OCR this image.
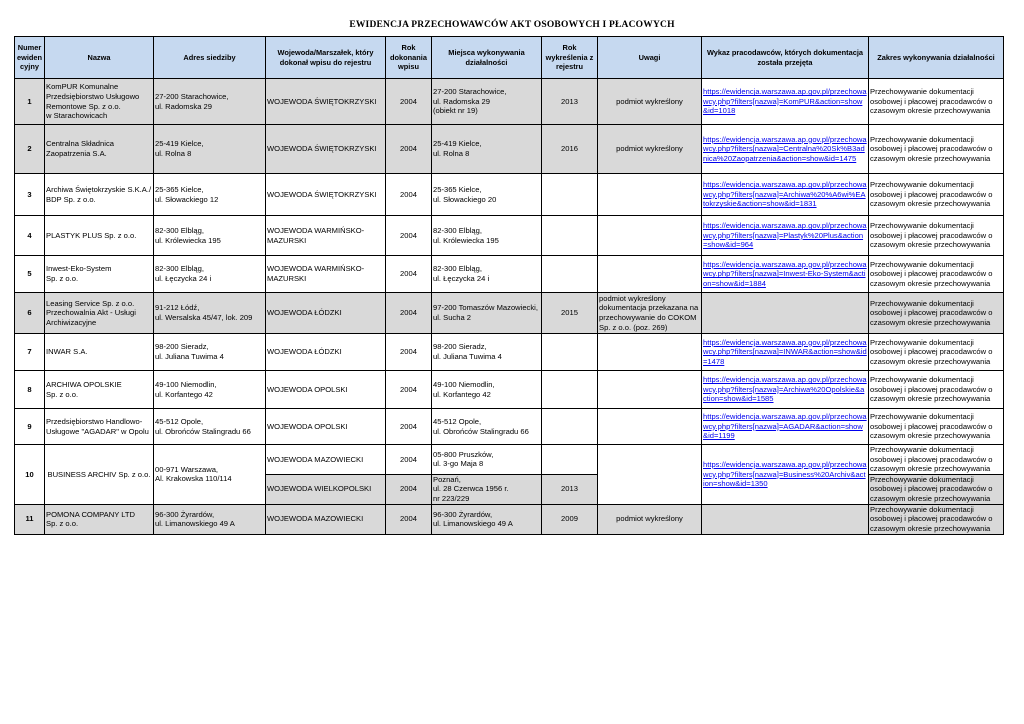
EWIDENCJA PRZECHOWAWCÓW AKT OSOBOWYCH I PŁACOWYCH
Numer ewiden cyjny	Nazwa	Adres siedziby	Wojewoda/Marszałek, który dokonał wpisu do rejestru	Rok dokonania wpisu	Miejsca wykonywania działalności	Rok wykreślenia z rejestru	Uwagi	Wykaz pracodawców, których dokumentacja została przejęta	Zakres wykonywania działalności
1	KomPUR Komunalne
Przedsiębiorstwo Usługowo
Remontowe Sp. z o.o.
w Starachowicach	27-200 Starachowice,
ul. Radomska 29	WOJEWODA ŚWIĘTOKRZYSKI	2004	27-200 Starachowice,
ul. Radomska 29
(obiekt nr 19)	2013	podmiot wykreślony	https://ewidencja.warszawa.ap.gov.pl/przechowawcy.php?filters[nazwa]=KomPUR&action=show&id=1018	Przechowywanie dokumentacji osobowej i płacowej pracodawców o czasowym okresie przechowywania
2	Centralna Składnica
Zaopatrzenia S.A.	25-419 Kielce,
ul. Rolna 8	WOJEWODA ŚWIĘTOKRZYSKI	2004	25-419 Kielce,
ul. Rolna 8	2016	podmiot wykreślony	https://ewidencja.warszawa.ap.gov.pl/przechowawcy.php?filters[nazwa]=Centralna%20Sk%B3adnica%20Zaopatrzenia&action=show&id=1475	Przechowywanie dokumentacji osobowej i płacowej pracodawców o czasowym okresie przechowywania
3	Archiwa Świętokrzyskie S.K.A./
BDP Sp. z o.o.	25-365 Kielce,
ul. Słowackiego 12	WOJEWODA ŚWIĘTOKRZYSKI	2004	25-365 Kielce,
ul. Słowackiego 20			https://ewidencja.warszawa.ap.gov.pl/przechowawcy.php?filters[nazwa]=Archiwa%20%A6wi%EAtokrzyskie&action=show&id=1831	Przechowywanie dokumentacji osobowej i płacowej pracodawców o czasowym okresie przechowywania
4	PLASTYK PLUS Sp. z o.o.	82-300 Elbląg,
ul. Królewiecka 195	WOJEWODA WARMIŃSKO-
MAZURSKI	2004	82-300 Elbląg,
ul. Królewiecka 195			https://ewidencja.warszawa.ap.gov.pl/przechowawcy.php?filters[nazwa]=Plastyk%20Plus&action=show&id=964	Przechowywanie dokumentacji osobowej i płacowej pracodawców o czasowym okresie przechowywania
5	Inwest-Eko-System
Sp. z o.o.	82-300 Elbląg,
ul. Łęczycka 24 i	WOJEWODA WARMIŃSKO-
MAZURSKI	2004	82-300 Elbląg,
ul. Łęczycka 24 i			https://ewidencja.warszawa.ap.gov.pl/przechowawcy.php?filters[nazwa]=Inwest-Eko-System&action=show&id=1884	Przechowywanie dokumentacji osobowej i płacowej pracodawców o czasowym okresie przechowywania
6	Leasing Service Sp. z o.o.
Przechowalnia Akt - Usługi
Archiwizacyjne	91-212 Łódź,
ul. Wersalska 45/47, lok. 209	WOJEWODA ŁÓDZKI	2004	97-200 Tomaszów Mazowiecki,
ul. Sucha 2	2015	podmiot wykreślony
dokumentacja przekazana na
przechowywanie do COKOM
Sp. z o.o. (poz. 269)		Przechowywanie dokumentacji osobowej i płacowej pracodawców o czasowym okresie przechowywania
7	INWAR S.A.	98-200 Sieradz,
ul. Juliana Tuwima 4	WOJEWODA ŁÓDZKI	2004	98-200 Sieradz,
ul. Juliana Tuwima 4			https://ewidencja.warszawa.ap.gov.pl/przechowawcy.php?filters[nazwa]=INWAR&action=show&id=1478	Przechowywanie dokumentacji osobowej i płacowej pracodawców o czasowym okresie przechowywania
8	ARCHIWA OPOLSKIE
Sp. z o.o.	49-100 Niemodlin,
ul. Korfantego 42	WOJEWODA OPOLSKI	2004	49-100 Niemodlin,
ul. Korfantego 42			https://ewidencja.warszawa.ap.gov.pl/przechowawcy.php?filters[nazwa]=Archiwa%20Opolskie&action=show&id=1585	Przechowywanie dokumentacji osobowej i płacowej pracodawców o czasowym okresie przechowywania
9	Przedsiębiorstwo Handlowo-
Usługowe "AGADAR" w Opolu	45-512 Opole,
ul. Obrońców Stalingradu 66	WOJEWODA OPOLSKI	2004	45-512 Opole,
ul. Obrońców Stalingradu 66			https://ewidencja.warszawa.ap.gov.pl/przechowawcy.php?filters[nazwa]=AGADAR&action=show&id=1199	Przechowywanie dokumentacji osobowej i płacowej pracodawców o czasowym okresie przechowywania
10	BUSINESS ARCHIV Sp. z o.o.	00-971 Warszawa,
Al. Krakowska 110/114	WOJEWODA MAZOWIECKI	2004	05-800 Pruszków,
ul. 3-go Maja 8			https://ewidencja.warszawa.ap.gov.pl/przechowawcy.php?filters[nazwa]=Business%20Archiv&action=show&id=1350	Przechowywanie dokumentacji osobowej i płacowej pracodawców o czasowym okresie przechowywania
			WOJEWODA WIELKOPOLSKI	2004	Poznań,
ul. 28 Czerwca 1956 r.
nr 223/229	2013			Przechowywanie dokumentacji osobowej i płacowej pracodawców o czasowym okresie przechowywania
11	POMONA COMPANY LTD
Sp. z o.o.	96-300 Żyrardów,
ul. Limanowskiego 49 A	WOJEWODA MAZOWIECKI	2004	96-300 Żyrardów,
ul. Limanowskiego 49 A	2009	podmiot wykreślony		Przechowywanie dokumentacji osobowej i płacowej pracodawców o czasowym okresie przechowywania
